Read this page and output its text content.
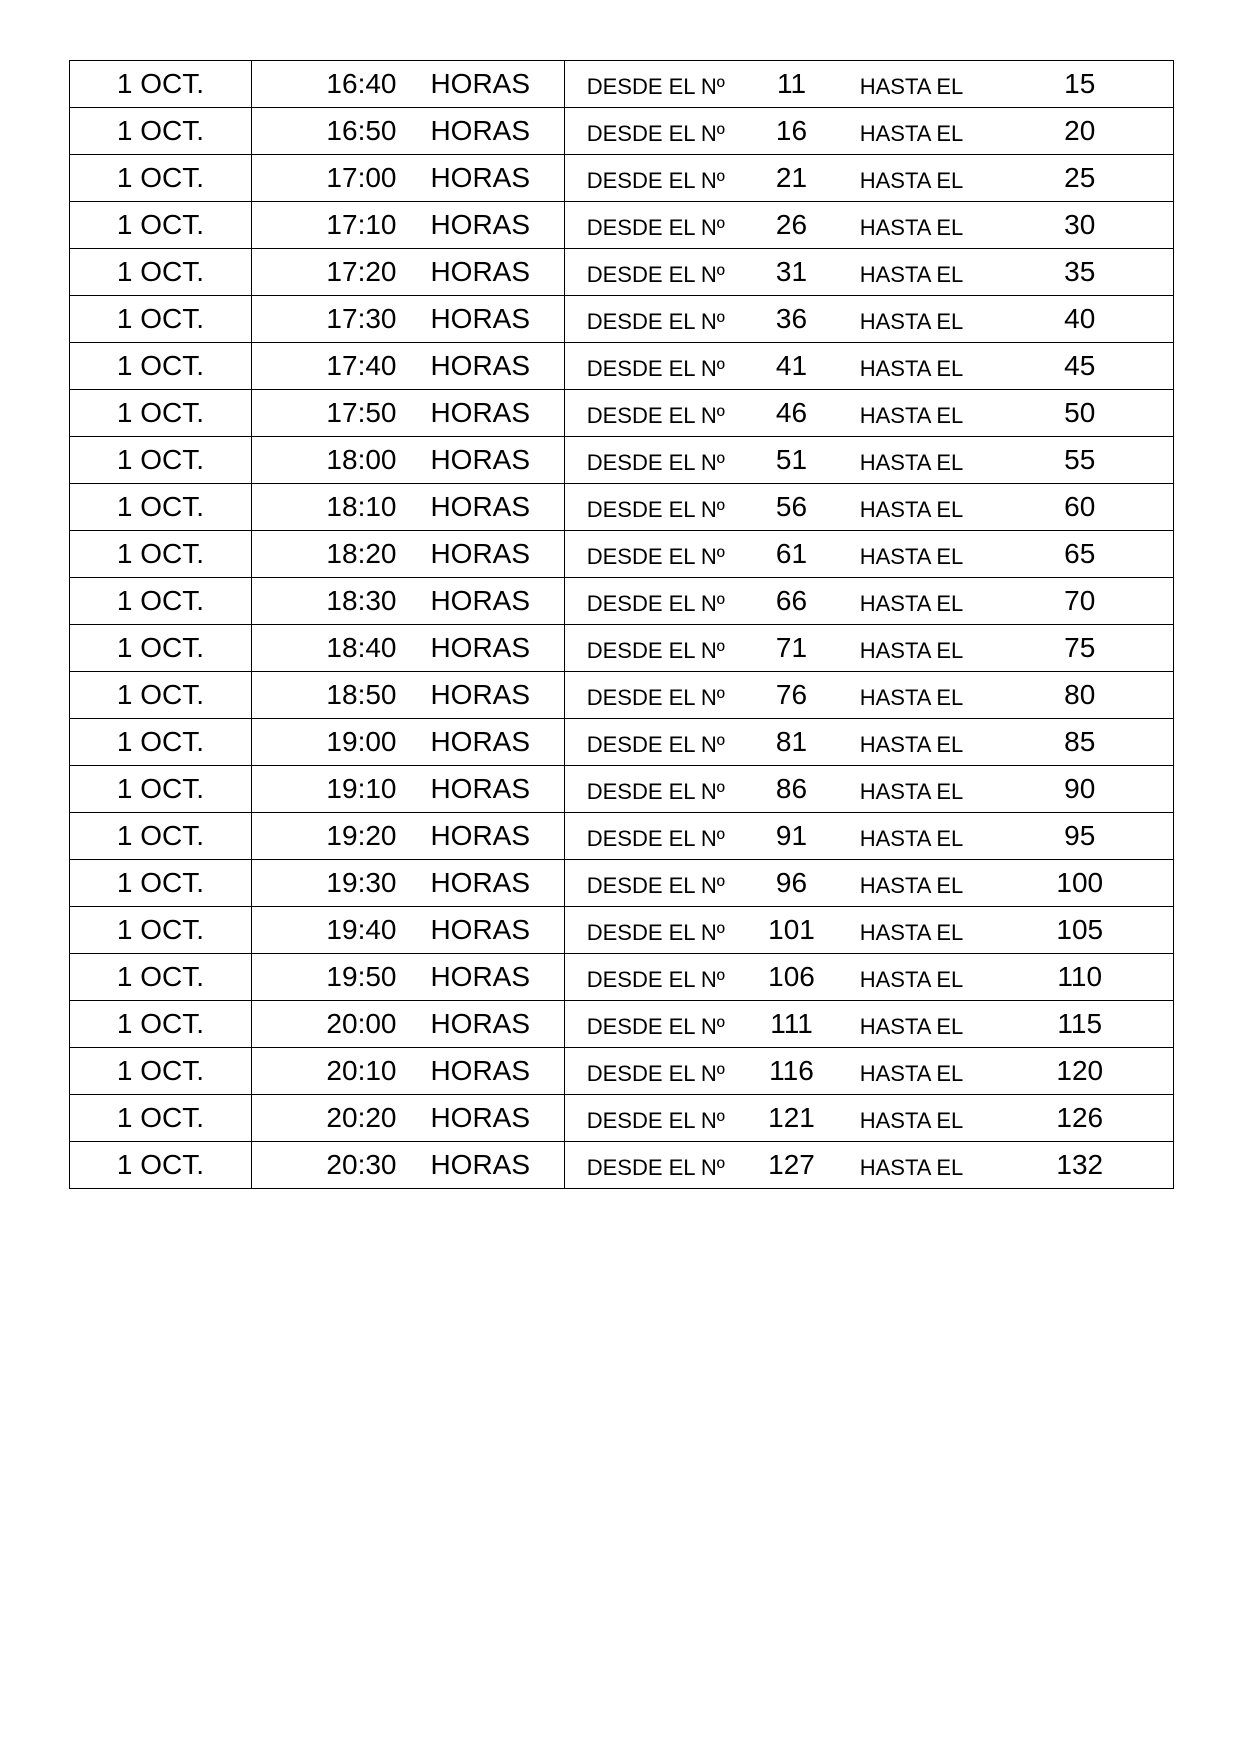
1 OCT.	16:40	HORAS	DESDE EL Nº	11	HASTA EL	15
1 OCT.	16:50	HORAS	DESDE EL Nº	16	HASTA EL	20
1 OCT.	17:00	HORAS	DESDE EL Nº	21	HASTA EL	25
1 OCT.	17:10	HORAS	DESDE EL Nº	26	HASTA EL	30
1 OCT.	17:20	HORAS	DESDE EL Nº	31	HASTA EL	35
1 OCT.	17:30	HORAS	DESDE EL Nº	36	HASTA EL	40
1 OCT.	17:40	HORAS	DESDE EL Nº	41	HASTA EL	45
1 OCT.	17:50	HORAS	DESDE EL Nº	46	HASTA EL	50
1 OCT.	18:00	HORAS	DESDE EL Nº	51	HASTA EL	55
1 OCT.	18:10	HORAS	DESDE EL Nº	56	HASTA EL	60
1 OCT.	18:20	HORAS	DESDE EL Nº	61	HASTA EL	65
1 OCT.	18:30	HORAS	DESDE EL Nº	66	HASTA EL	70
1 OCT.	18:40	HORAS	DESDE EL Nº	71	HASTA EL	75
1 OCT.	18:50	HORAS	DESDE EL Nº	76	HASTA EL	80
1 OCT.	19:00	HORAS	DESDE EL Nº	81	HASTA EL	85
1 OCT.	19:10	HORAS	DESDE EL Nº	86	HASTA EL	90
1 OCT.	19:20	HORAS	DESDE EL Nº	91	HASTA EL	95
1 OCT.	19:30	HORAS	DESDE EL Nº	96	HASTA EL	100
1 OCT.	19:40	HORAS	DESDE EL Nº	101	HASTA EL	105
1 OCT.	19:50	HORAS	DESDE EL Nº	106	HASTA EL	110
1 OCT.	20:00	HORAS	DESDE EL Nº	111	HASTA EL	115
1 OCT.	20:10	HORAS	DESDE EL Nº	116	HASTA EL	120
1 OCT.	20:20	HORAS	DESDE EL Nº	121	HASTA EL	126
1 OCT.	20:30	HORAS	DESDE EL Nº	127	HASTA EL	132
